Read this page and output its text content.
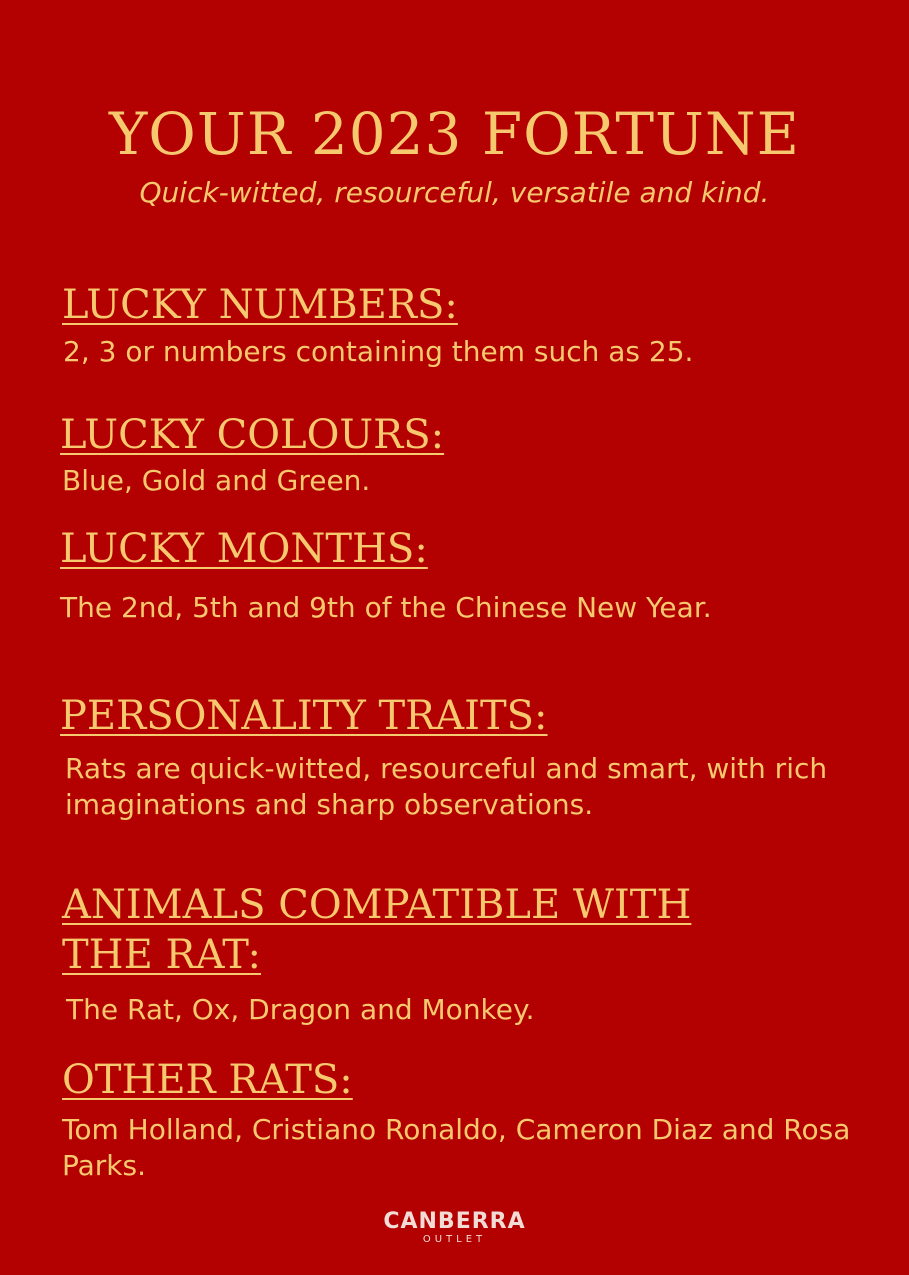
YOUR 2023 FORTUNE

Quick-witted, resourceful, versatile and kind.

LUCKY NUMBERS:

2, 3 or numbers containing them such as 25.

LUCKY COLOURS:

Blue, Gold and Green.

LUCKY MONTHS:

The 2nd, 5th and 9th of the Chinese New Year.

PERSONALITY TRAITS:

Rats are quick-witted, resourceful and smart, with rich imaginations and sharp observations.

ANIMALS COMPATIBLE WITH THE RAT:

The Rat, Ox, Dragon and Monkey.

OTHER RATS:

Tom Holland, Cristiano Ronaldo, Cameron Diaz and Rosa Parks.

CANBERRA
OUTLET
